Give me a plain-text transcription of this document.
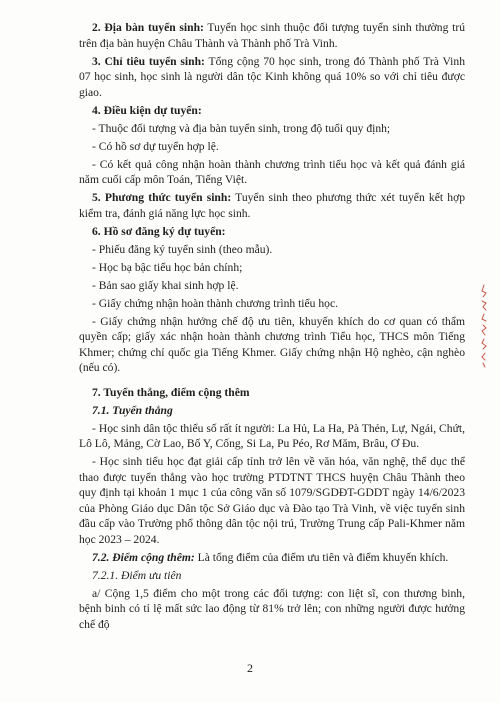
2. Địa bàn tuyển sinh: Tuyển học sinh thuộc đối tượng tuyển sinh thường trú trên địa bàn huyện Châu Thành và Thành phố Trà Vinh.

3. Chỉ tiêu tuyển sinh: Tổng cộng 70 học sinh, trong đó Thành phố Trà Vinh 07 học sinh, học sinh là người dân tộc Kinh không quá 10% so với chỉ tiêu được giao.

4. Điều kiện dự tuyển:

- Thuộc đối tượng và địa bàn tuyển sinh, trong độ tuổi quy định;

- Có hồ sơ dự tuyển hợp lệ.

- Có kết quả công nhận hoàn thành chương trình tiểu học và kết quả đánh giá năm cuối cấp môn Toán, Tiếng Việt.

5. Phương thức tuyển sinh: Tuyển sinh theo phương thức xét tuyển kết hợp kiểm tra, đánh giá năng lực học sinh.

6. Hồ sơ đăng ký dự tuyển:

- Phiếu đăng ký tuyển sinh (theo mẫu).

- Học bạ bậc tiểu học bản chính;

- Bản sao giấy khai sinh hợp lệ.

- Giấy chứng nhận hoàn thành chương trình tiểu học.

- Giấy chứng nhận hưởng chế độ ưu tiên, khuyến khích do cơ quan có thẩm quyền cấp; giấy xác nhận hoàn thành chương trình Tiểu học, THCS môn Tiếng Khmer; chứng chỉ quốc gia Tiếng Khmer. Giấy chứng nhận Hộ nghèo, cận nghèo (nếu có).

7. Tuyển thẳng, điểm cộng thêm

7.1. Tuyển thẳng

- Học sinh dân tộc thiểu số rất ít người: La Hủ, La Ha, Pà Thẻn, Lự, Ngái, Chứt, Lô Lô, Mảng, Cờ Lao, Bố Y, Cống, Si La, Pu Péo, Rơ Măm, Brâu, Ơ Đu.

- Học sinh tiểu học đạt giải cấp tỉnh trở lên về văn hóa, văn nghệ, thể dục thể thao được tuyển thẳng vào học trường PTDTNT THCS huyện Châu Thành theo quy định tại khoản 1 mục 1 của công văn số 1079/SGDĐT-GDDT ngày 14/6/2023 của Phòng Giáo dục Dân tộc Sở Giáo dục và Đào tạo Trà Vinh, về việc tuyển sinh đầu cấp vào Trường phổ thông dân tộc nội trú, Trường Trung cấp Pali-Khmer năm học 2023 – 2024.

7.2. Điểm cộng thêm: Là tổng điểm của điểm ưu tiên và điểm khuyến khích.

7.2.1. Điểm ưu tiên

a/ Cộng 1,5 điểm cho một trong các đối tượng: con liệt sĩ, con thương binh, bệnh binh có tỉ lệ mất sức lao động từ 81% trở lên; con những người được hưởng chế độ

2
